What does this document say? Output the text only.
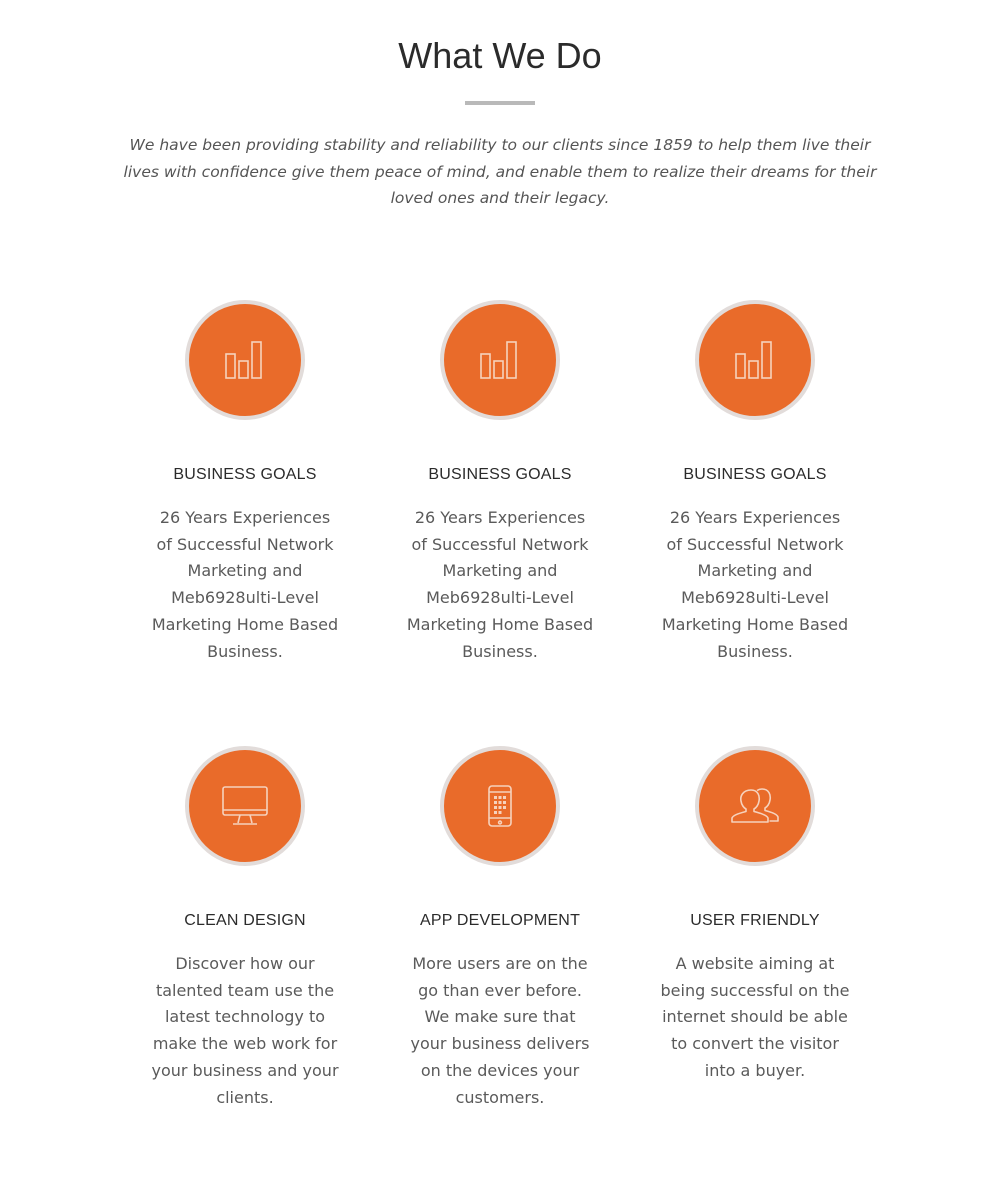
What We Do

We have been providing stability and reliability to our clients since 1859 to help them live their lives with confidence give them peace of mind, and enable them to realize their dreams for their loved ones and their legacy.

BUSINESS GOALS
26 Years Experiences of Successful Network Marketing and Meb6928ulti-Level Marketing Home Based Business.
BUSINESS GOALS
26 Years Experiences of Successful Network Marketing and Meb6928ulti-Level Marketing Home Based Business.
BUSINESS GOALS
26 Years Experiences of Successful Network Marketing and Meb6928ulti-Level Marketing Home Based Business.
CLEAN DESIGN
Discover how our talented team use the latest technology to make the web work for your business and your clients.
APP DEVELOPMENT
More users are on the go than ever before. We make sure that your business delivers on the devices your customers.
USER FRIENDLY
A website aiming at being successful on the internet should be able to convert the visitor into a buyer.
